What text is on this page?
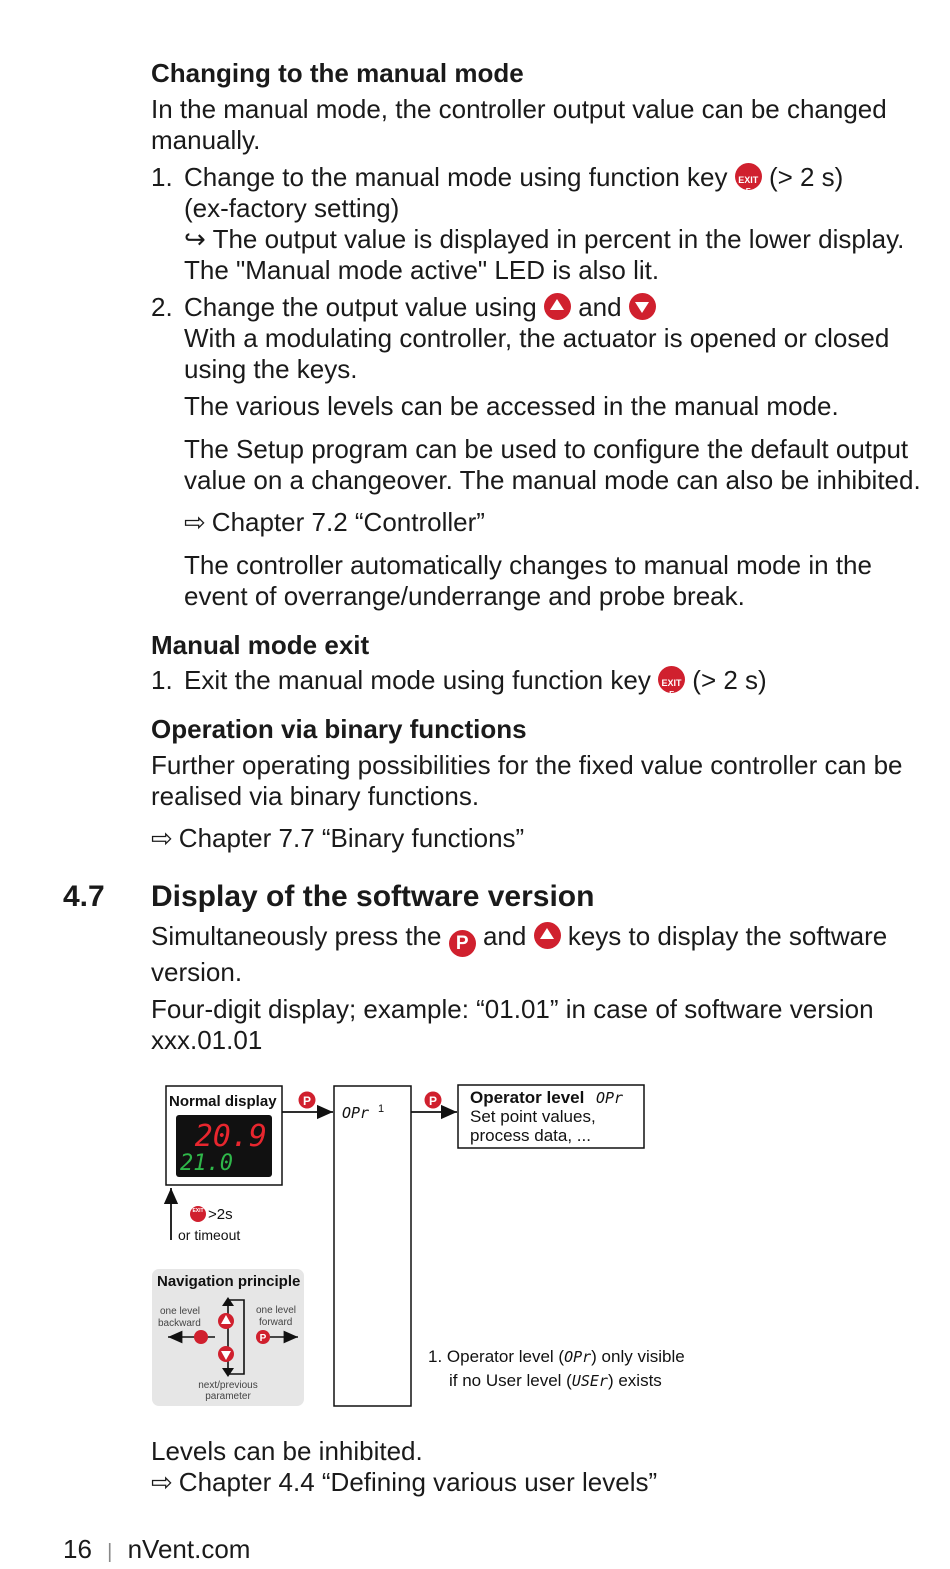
Changing to the manual mode
In the manual mode, the controller output value can be changed
manually.
1. Change to the manual mode using function key	EXIT
F (> 2 s)
(ex-factory setting)
↪ The output value is displayed in percent in the lower display.
The "Manual mode active" LED is also lit.
2. Change the output value using and
With a modulating controller, the actuator is opened or closed
using the keys.
The various levels can be accessed in the manual mode.
The Setup program can be used to configure the default output
value on a changeover. The manual mode can also be inhibited.
⇨ Chapter 7.2 “Controller”
The controller automatically changes to manual mode in the
event of overrange/underrange and probe break.
Manual mode exit
1. Exit the manual mode using function key	EXIT
F (> 2 s)
Operation via binary functions
Further operating possibilities for the fixed value controller can be
realised via binary functions.
⇨ Chapter 7.7 “Binary functions”
4.7 Display of the software version
Simultaneously press the P and keys to display the software
version.
Four-digit display; example: “01.01” in case of software version
xxx.01.01
Normal display
20.9
21.0
P
OPr 1
P Operator level OPr
Set point values,
process data, ...
EXIT >2s
or timeout
Navigation principle
one level
backward
one level
forward
P
next/previous
parameter
1. Operator level (OPr) only visible
if no User level (USEr) exists
Levels can be inhibited.
⇨ Chapter 4.4 “Defining various user levels”
16 | nVent.com
